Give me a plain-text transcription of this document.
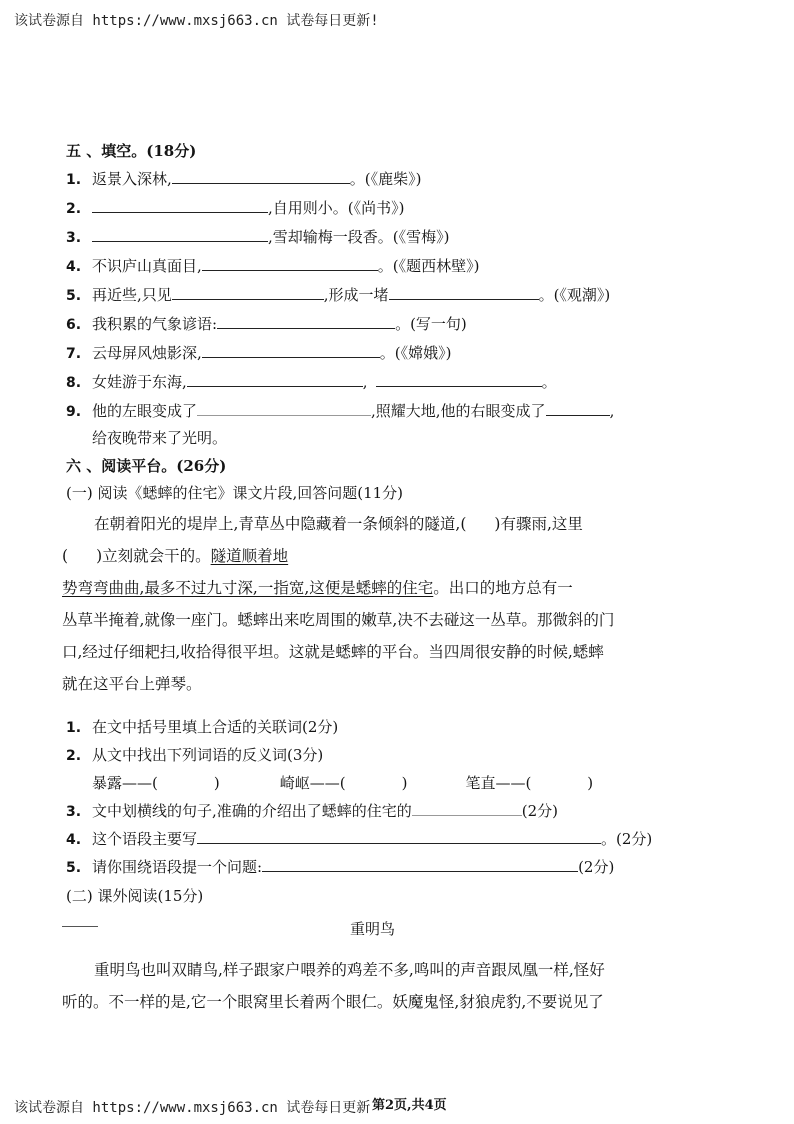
该试卷源自 https://www.mxsj663.cn 试卷每日更新!
五 、填空。(18分)
1. 返景入深林,	。(《鹿柴》)
2.	,自用则小。(《尚书》)
3.	,雪却输梅一段香。(《雪梅》)
4. 不识庐山真面目,	。(《题西林壁》)
5. 再近些,只见	,形成一堵	。(《观潮》)
6. 我积累的气象谚语:	。(写一句)
7. 云母屏风烛影深,	。(《嫦娥》)
8. 女娃游于东海,	,	。
9. 他的左眼变成了	,照耀大地,他的右眼变成了	,
给夜晚带来了光明。
六 、阅读平台。(26分)
(一) 阅读《蟋蟀的住宅》课文片段,回答问题(11分)
在朝着阳光的堤岸上,青草丛中隐藏着一条倾斜的隧道,( )有骤雨,这里
( )立刻就会干的。隧道顺着地
势弯弯曲曲,最多不过九寸深,一指宽,这便是蟋蟀的住宅。出口的地方总有一
丛草半掩着,就像一座门。蟋蟀出来吃周围的嫩草,决不去碰这一丛草。那微斜的门
口,经过仔细耙扫,收拾得很平坦。这就是蟋蟀的平台。当四周很安静的时候,蟋蟀
就在这平台上弹琴。
1. 在文中括号里填上合适的关联词(2分)
2. 从文中找出下列词语的反义词(3分)
暴露——(	)	崎岖——(	)	笔直——(	)
3. 文中划横线的句子,准确的介绍出了蟋蟀的住宅的	(2分)
4. 这个语段主要写	。(2分)
5. 请你围绕语段提一个问题:	(2分)
(二) 课外阅读(15分)
重明鸟
重明鸟也叫双睛鸟,样子跟家户喂养的鸡差不多,鸣叫的声音跟凤凰一样,怪好
听的。不一样的是,它一个眼窝里长着两个眼仁。妖魔鬼怪,豺狼虎豹,不要说见了
该试卷源自 https://www.mxsj663.cn 试卷每日更新 第2页,共4页
